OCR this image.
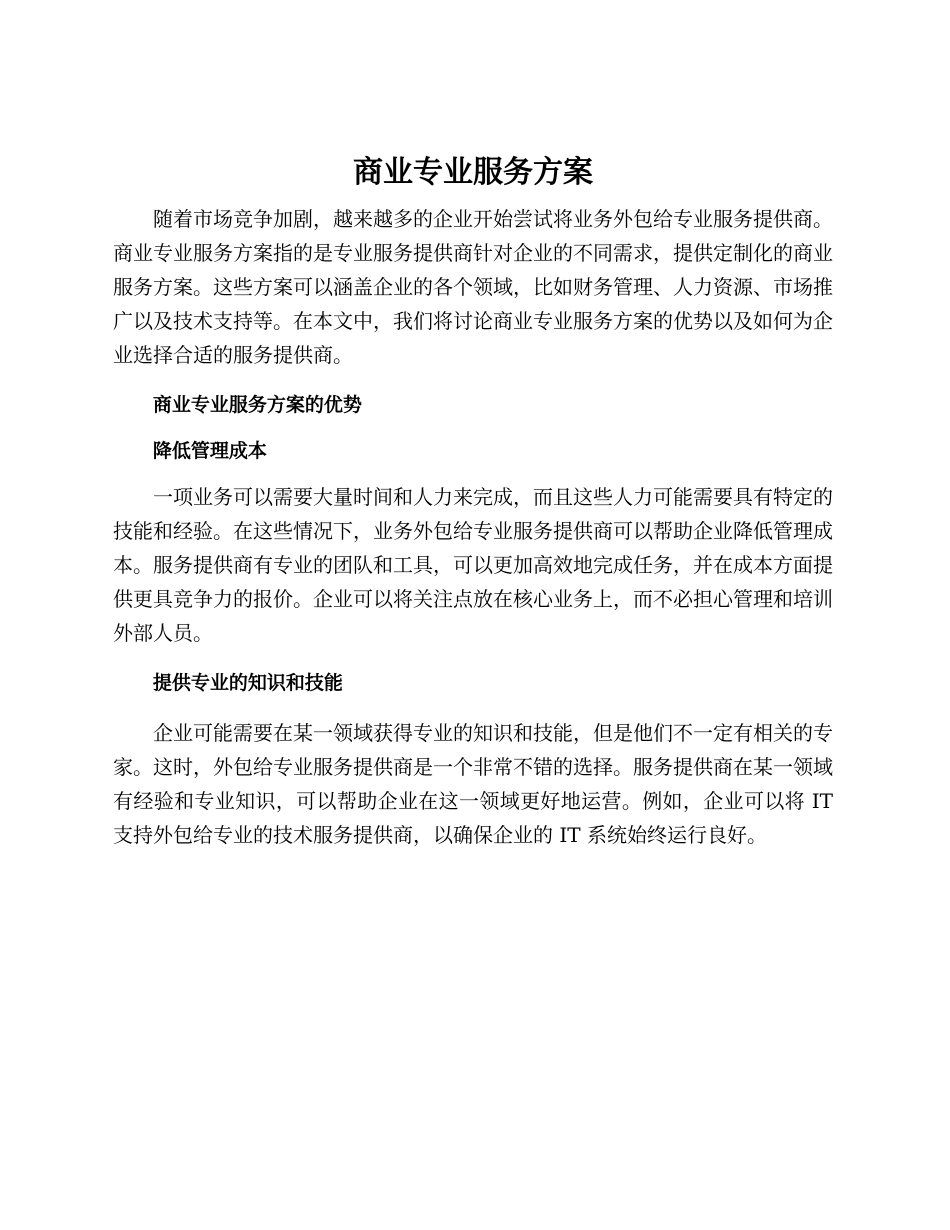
商业专业服务方案

随着市场竞争加剧，越来越多的企业开始尝试将业务外包给专业服务提供商。商业专业服务方案指的是专业服务提供商针对企业的不同需求，提供定制化的商业服务方案。这些方案可以涵盖企业的各个领域，比如财务管理、人力资源、市场推广以及技术支持等。在本文中，我们将讨论商业专业服务方案的优势以及如何为企业选择合适的服务提供商。

商业专业服务方案的优势
降低管理成本

一项业务可以需要大量时间和人力来完成，而且这些人力可能需要具有特定的技能和经验。在这些情况下，业务外包给专业服务提供商可以帮助企业降低管理成本。服务提供商有专业的团队和工具，可以更加高效地完成任务，并在成本方面提供更具竞争力的报价。企业可以将关注点放在核心业务上，而不必担心管理和培训外部人员。

提供专业的知识和技能

企业可能需要在某一领域获得专业的知识和技能，但是他们不一定有相关的专家。这时，外包给专业服务提供商是一个非常不错的选择。服务提供商在某一领域有经验和专业知识，可以帮助企业在这一领域更好地运营。例如，企业可以将 IT 支持外包给专业的技术服务提供商，以确保企业的 IT 系统始终运行良好。
